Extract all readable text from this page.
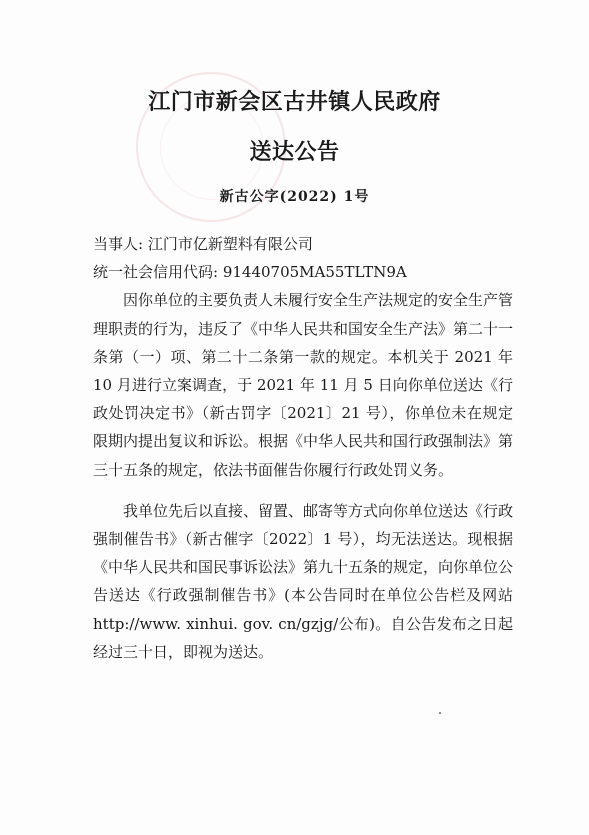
江门市新会区古井镇人民政府
送达公告
新古公字(2022) 1号

当事人: 江门市亿新塑料有限公司

统一社会信用代码: 91440705MA55TLTN9A

因你单位的主要负责人未履行安全生产法规定的安全生产管理职责的行为，违反了《中华人民共和国安全生产法》第二十一条第（一）项、第二十二条第一款的规定。本机关于 2021 年 10 月进行立案调查，于 2021 年 11 月 5 日向你单位送达《行政处罚决定书》（新古罚字〔2021〕21 号），你单位未在规定限期内提出复议和诉讼。根据《中华人民共和国行政强制法》第三十五条的规定，依法书面催告你履行行政处罚义务。

我单位先后以直接、留置、邮寄等方式向你单位送达《行政强制催告书》（新古催字〔2022〕1 号），均无法送达。现根据《中华人民共和国民事诉讼法》第九十五条的规定，向你单位公告送达《行政强制催告书》(本公告同时在单位公告栏及网站 http://www. xinhui. gov. cn/gzjg/公布)。自公告发布之日起经过三十日，即视为送达。
